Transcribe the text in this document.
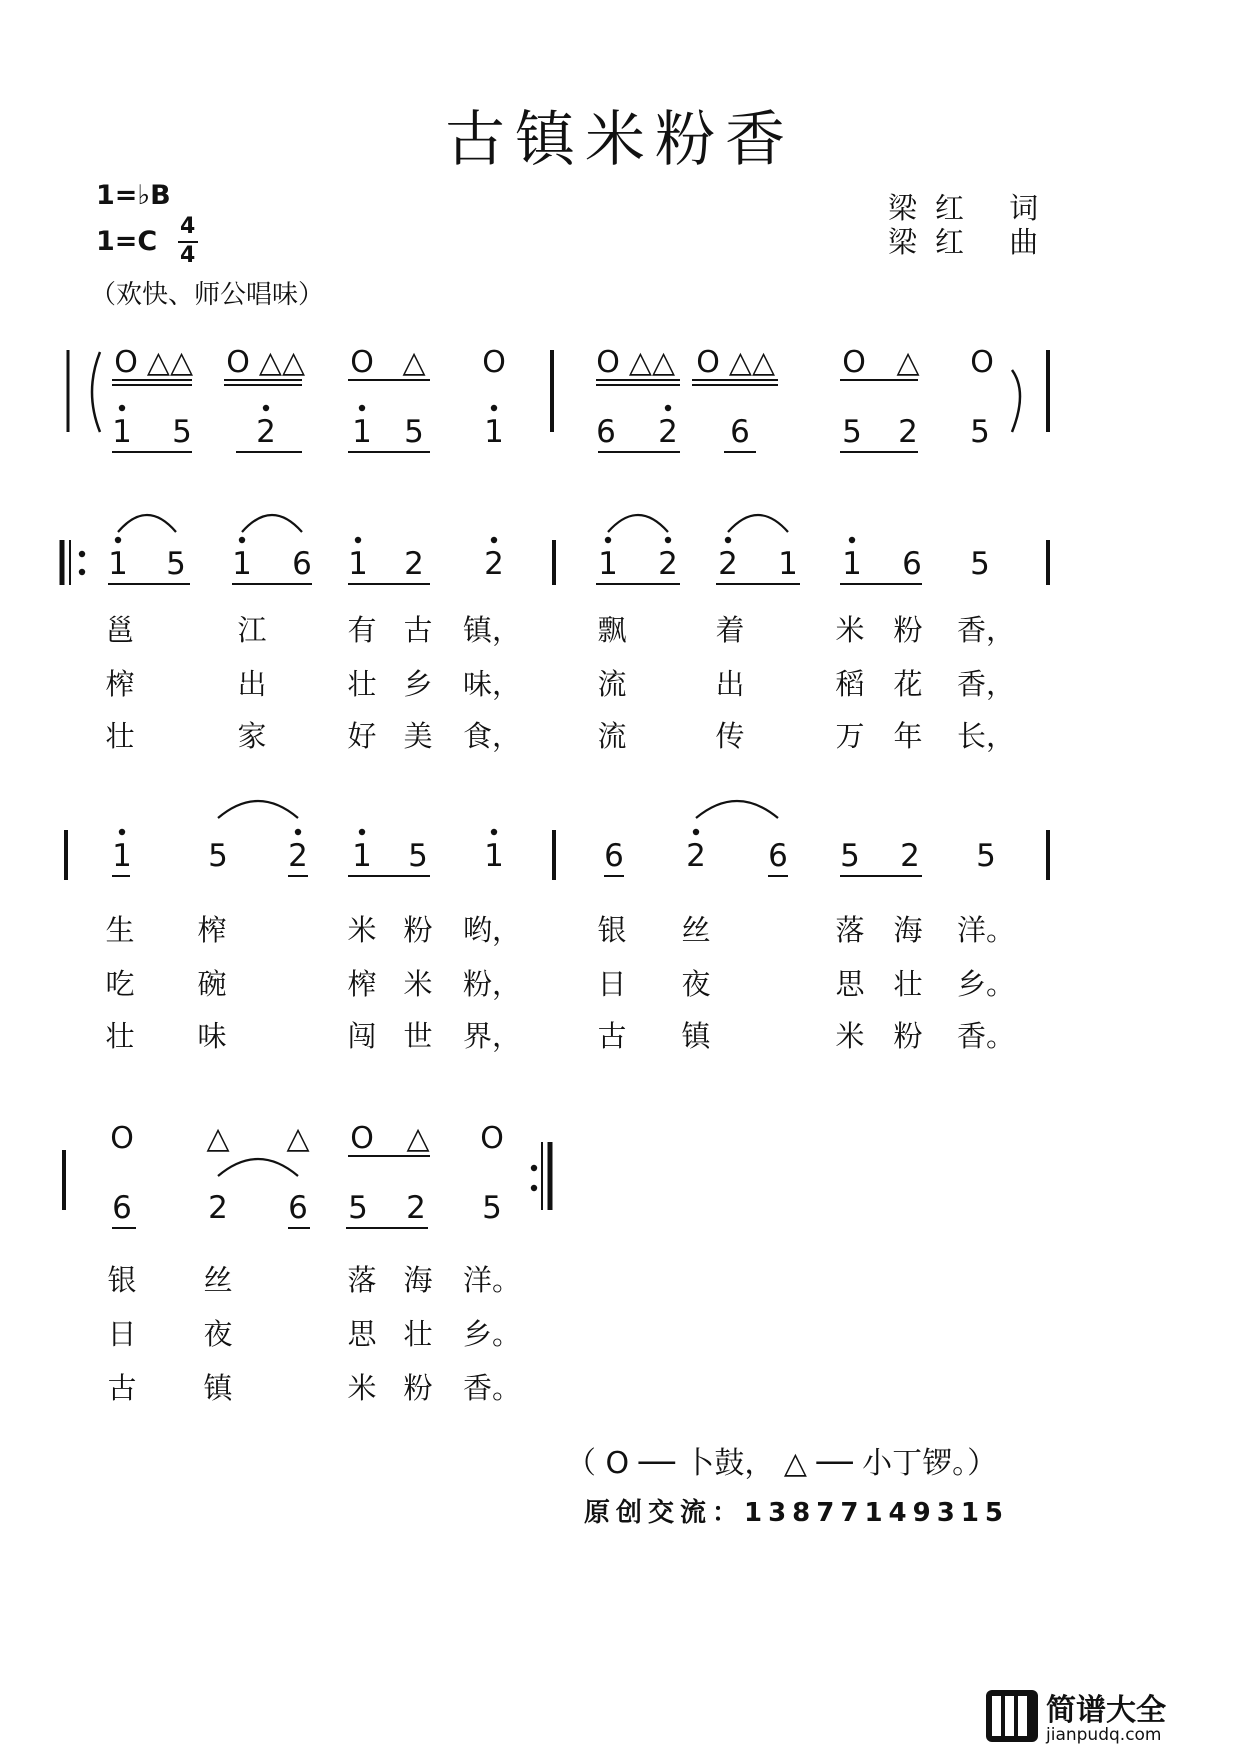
古镇米粉香
1=♭B
1=C 4
4
（欢快、师公唱味）
梁红 词
梁红 曲
O △△ O △△ O △ O	O △△ O △△ O △ O
1 5 2 1 5 1	6 2 6	5 2 5
1 5 1 6 1 2 2	1 2 2 1 1 6 5
邕	江	有 古 镇，	飘	着	米 粉 香，
榨	出	壮 乡 味，	流	出	稻 花 香，
壮	家	好 美 食，	流	传	万 年 长，
1 5 2 1 5 1	6 2 6 5 2 5
生 榨	米 粉 哟，	银 丝	落 海 洋。
吃 碗	榨 米 粉，	日 夜	思 壮 乡。
壮 味	闯 世 界，	古 镇	米 粉 香。
O △ △ O △ O
6 2 6 5 2 5
银 丝	落 海 洋。
日 夜	思 壮 乡。
古 镇	米 粉 香。
（ O ── 卜鼓， △ ── 小丁锣。）
原创交流：13877149315
简谱大全
jianpudq.com
